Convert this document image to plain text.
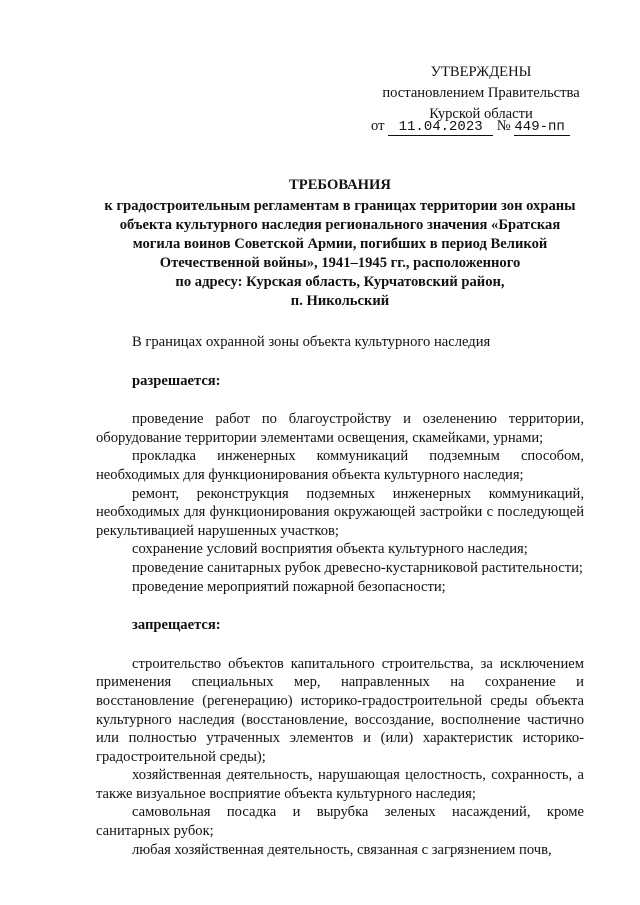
УТВЕРЖДЕНЫ
постановлением Правительства
Курской области
от 11.04.2023 № 449-пп
ТРЕБОВАНИЯ
к градостроительным регламентам в границах территории зон охраны
объекта культурного наследия регионального значения «Братская
могила воинов Советской Армии, погибших в период Великой
Отечественной войны», 1941–1945 гг., расположенного
по адресу: Курская область, Курчатовский район,
п. Никольский
В границах охранной зоны объекта культурного наследия
разрешается:
проведение работ по благоустройству и озеленению территории, оборудование территории элементами освещения, скамейками, урнами;
прокладка инженерных коммуникаций подземным способом, необходимых для функционирования объекта культурного наследия;
ремонт, реконструкция подземных инженерных коммуникаций, необходимых для функционирования окружающей застройки с последующей рекультивацией нарушенных участков;
сохранение условий восприятия объекта культурного наследия;
проведение санитарных рубок древесно-кустарниковой растительности;
проведение мероприятий пожарной безопасности;
запрещается:
строительство объектов капитального строительства, за исключением применения специальных мер, направленных на сохранение и восстановление (регенерацию) историко-градостроительной среды объекта культурного наследия (восстановление, воссоздание, восполнение частично или полностью утраченных элементов и (или) характеристик историко-градостроительной среды);
хозяйственная деятельность, нарушающая целостность, сохранность, а также визуальное восприятие объекта культурного наследия;
самовольная посадка и вырубка зеленых насаждений, кроме санитарных рубок;
любая хозяйственная деятельность, связанная с загрязнением почв,
